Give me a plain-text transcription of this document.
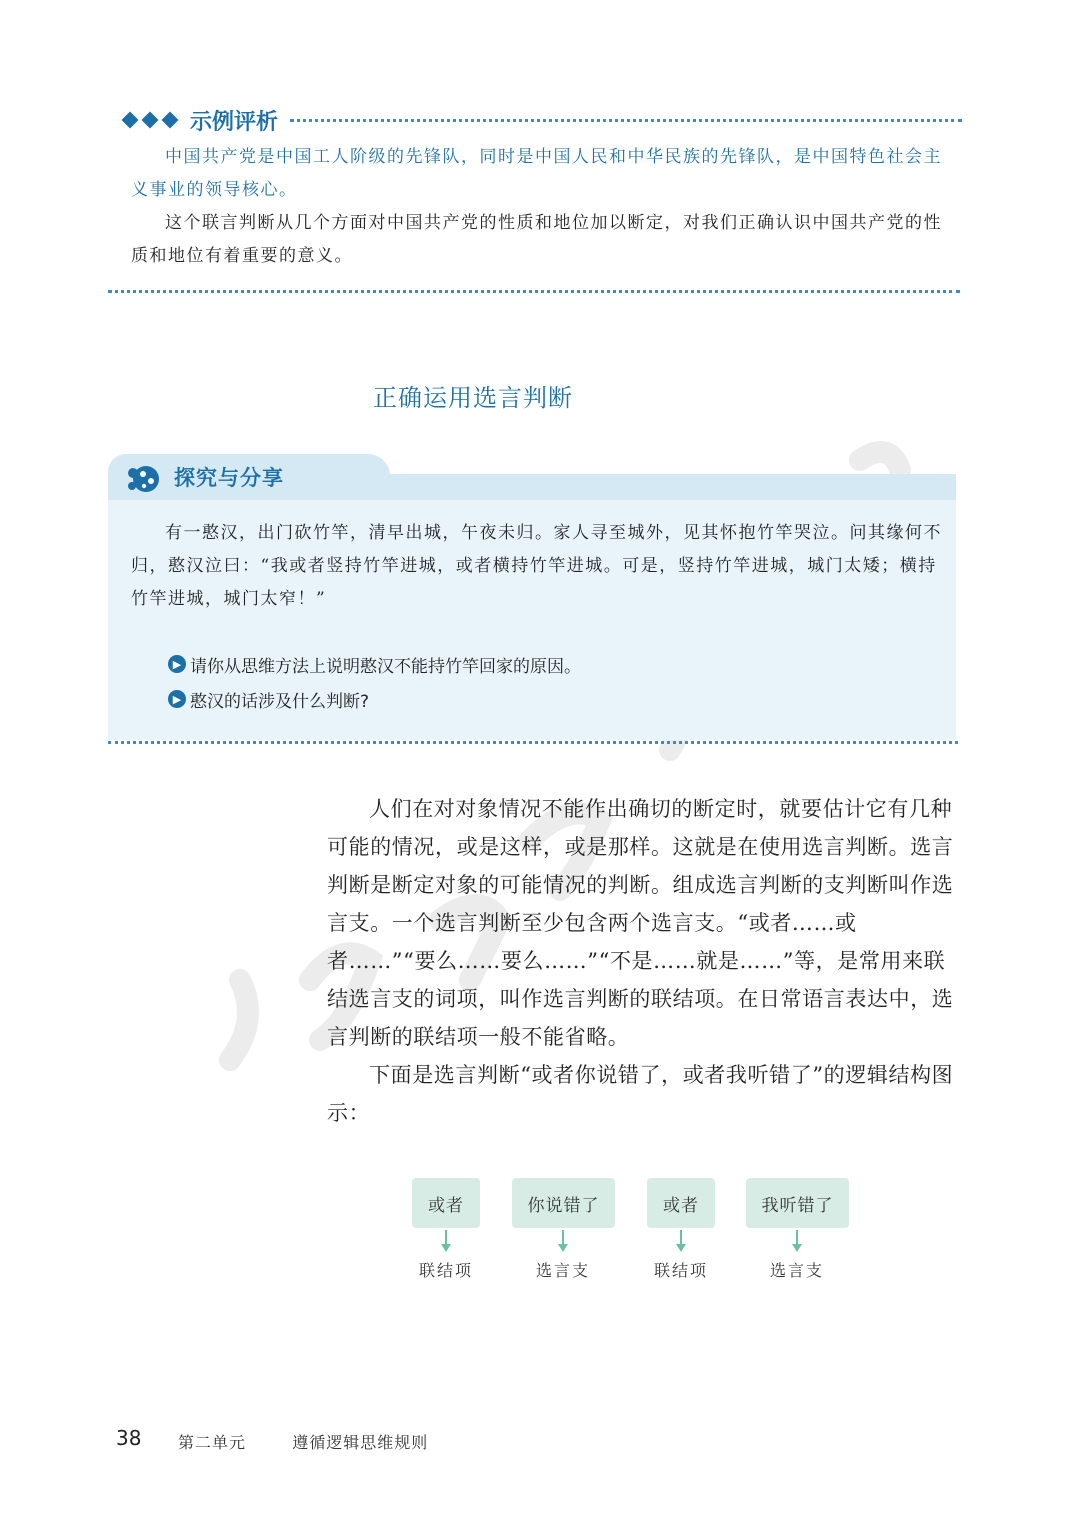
示例评析
中国共产党是中国工人阶级的先锋队，同时是中国人民和中华民族的先锋队，是中国特色社会主义事业的领导核心。
这个联言判断从几个方面对中国共产党的性质和地位加以断定，对我们正确认识中国共产党的性质和地位有着重要的意义。
正确运用选言判断
探究与分享
有一憨汉，出门砍竹竿，清早出城，午夜未归。家人寻至城外，见其怀抱竹竿哭泣。问其缘何不归，憨汉泣曰：“我或者竖持竹竿进城，或者横持竹竿进城。可是，竖持竹竿进城，城门太矮；横持竹竿进城，城门太窄！”
▶ 请你从思维方法上说明憨汉不能持竹竿回家的原因。
▶ 憨汉的话涉及什么判断?
人们在对对象情况不能作出确切的断定时，就要估计它有几种可能的情况，或是这样，或是那样。这就是在使用选言判断。选言判断是断定对象的可能情况的判断。组成选言判断的支判断叫作选言支。一个选言判断至少包含两个选言支。“或者……或者……”“要么……要么……”“不是……就是……”等，是常用来联结选言支的词项，叫作选言判断的联结项。在日常语言表达中，选言判断的联结项一般不能省略。
下面是选言判断“或者你说错了，或者我听错了”的逻辑结构图示：
或者	你说错了	或者	我听错了
联结项	选言支	联结项	选言支
38 第二单元	遵循逻辑思维规则
